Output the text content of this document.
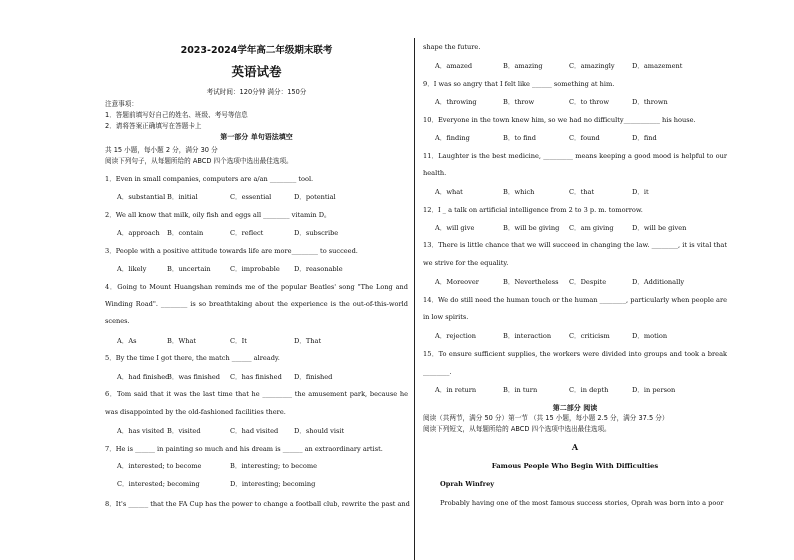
2023-2024学年高二年级期末联考
英语试卷
考试时间：120分钟 满分：150分
注意事项：
1．答题前填写好自己的姓名、班级、考号等信息
2．请将答案正确填写在答题卡上
第一部分 单句语法填空
共 15 小题，每小题 2 分，满分 30 分
阅读下列句子，从每题所给的 ABCD 四个选项中选出最佳选项。
1．Even in small companies, computers are a/an ________ tool.
A．substantial B．initial	C．essential	D．potential
2．We all know that milk, oily fish and eggs all ________ vitamin D。
A．approach B．contain	C．reflect	D．subscribe
3．People with a positive attitude towards life are more________ to succeed.
A．likely	B．uncertain	C．improbable D．reasonable
4．Going to Mount Huangshan reminds me of the popular Beatles' song "The Long and
Winding Road". ________ is so breathtaking about the experience is the out-of-this-world
scenes.
A．As	B．What	C．It	D．That
5．By the time I got there, the match ______ already.
A．had finished
B．was finished C．has finished D．finished
6．Tom said that it was the last time that he _________ the amusement park, because he
was disappointed by the old-fashioned facilities there.
A．has visited B．visited	C．had visited D．should visit
7．He is ______ in painting so much and his dream is ______ an extraordinary artist.
A．interested; to become	B．interesting; to become
C．interested; becoming	D．interesting; becoming
8．It's ______ that the FA Cup has the power to change a football club, rewrite the past and
shape the future.
A．amazed	B．amazing	C．amazingly	D．amazement
9．I was so angry that I felt like ______ something at him.
A．throwing	B．throw	C．to throw	D．thrown
10．Everyone in the town knew him, so we had no difficulty___________ his house.
A．finding	B．to find	C．found	D．find
11．Laughter is the best medicine, _________ means keeping a good mood is helpful to our
health.
A．what	B．which	C．that	D．it
12．I _ a talk on artificial intelligence from 2 to 3 p. m. tomorrow.
A．will give	B．will be giving C．am giving	D．will be given
13．There is little chance that we will succeed in changing the law. ________, it is vital that
we strive for the equality.
A．Moreover	B．Nevertheless C．Despite	D．Additionally
14．We do still need the human touch or the human ________, particularly when people are
in low spirits.
A．rejection	B．interaction	C．criticism	D．motion
15．To ensure sufficient supplies, the workers were divided into groups and took a break
________.
A．in return	B．in turn	C．in depth	D．in person
第二部分 阅读
阅读（共两节，满分 50 分）第一节 （共 15 小题，每小题 2.5 分，满分 37.5 分）
阅读下列短文，从每题所给的 ABCD 四个选项中选出最佳选项。
A
Famous People Who Begin With Difficulties
Oprah Winfrey
Probably having one of the most famous success stories, Oprah was born into a poor
